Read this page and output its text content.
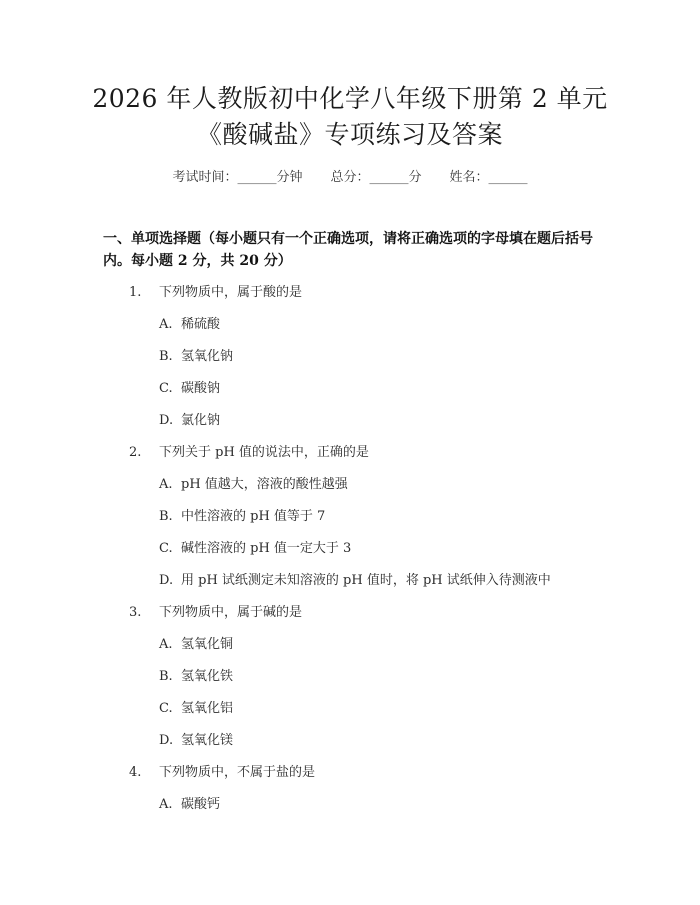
2026 年人教版初中化学八年级下册第 2 单元
《酸碱盐》专项练习及答案
考试时间：______分钟 总分：______分 姓名：______
一、单项选择题（每小题只有一个正确选项，请将正确选项的字母填在题后括号
内。每小题 2 分，共 20 分）
1. 下列物质中，属于酸的是
A. 稀硫酸
B. 氢氧化钠
C. 碳酸钠
D. 氯化钠
2. 下列关于 pH 值的说法中，正确的是
A. pH 值越大，溶液的酸性越强
B. 中性溶液的 pH 值等于 7
C. 碱性溶液的 pH 值一定大于 3
D. 用 pH 试纸测定未知溶液的 pH 值时，将 pH 试纸伸入待测液中
3. 下列物质中，属于碱的是
A. 氢氧化铜
B. 氢氧化铁
C. 氢氧化铝
D. 氢氧化镁
4. 下列物质中，不属于盐的是
A. 碳酸钙
